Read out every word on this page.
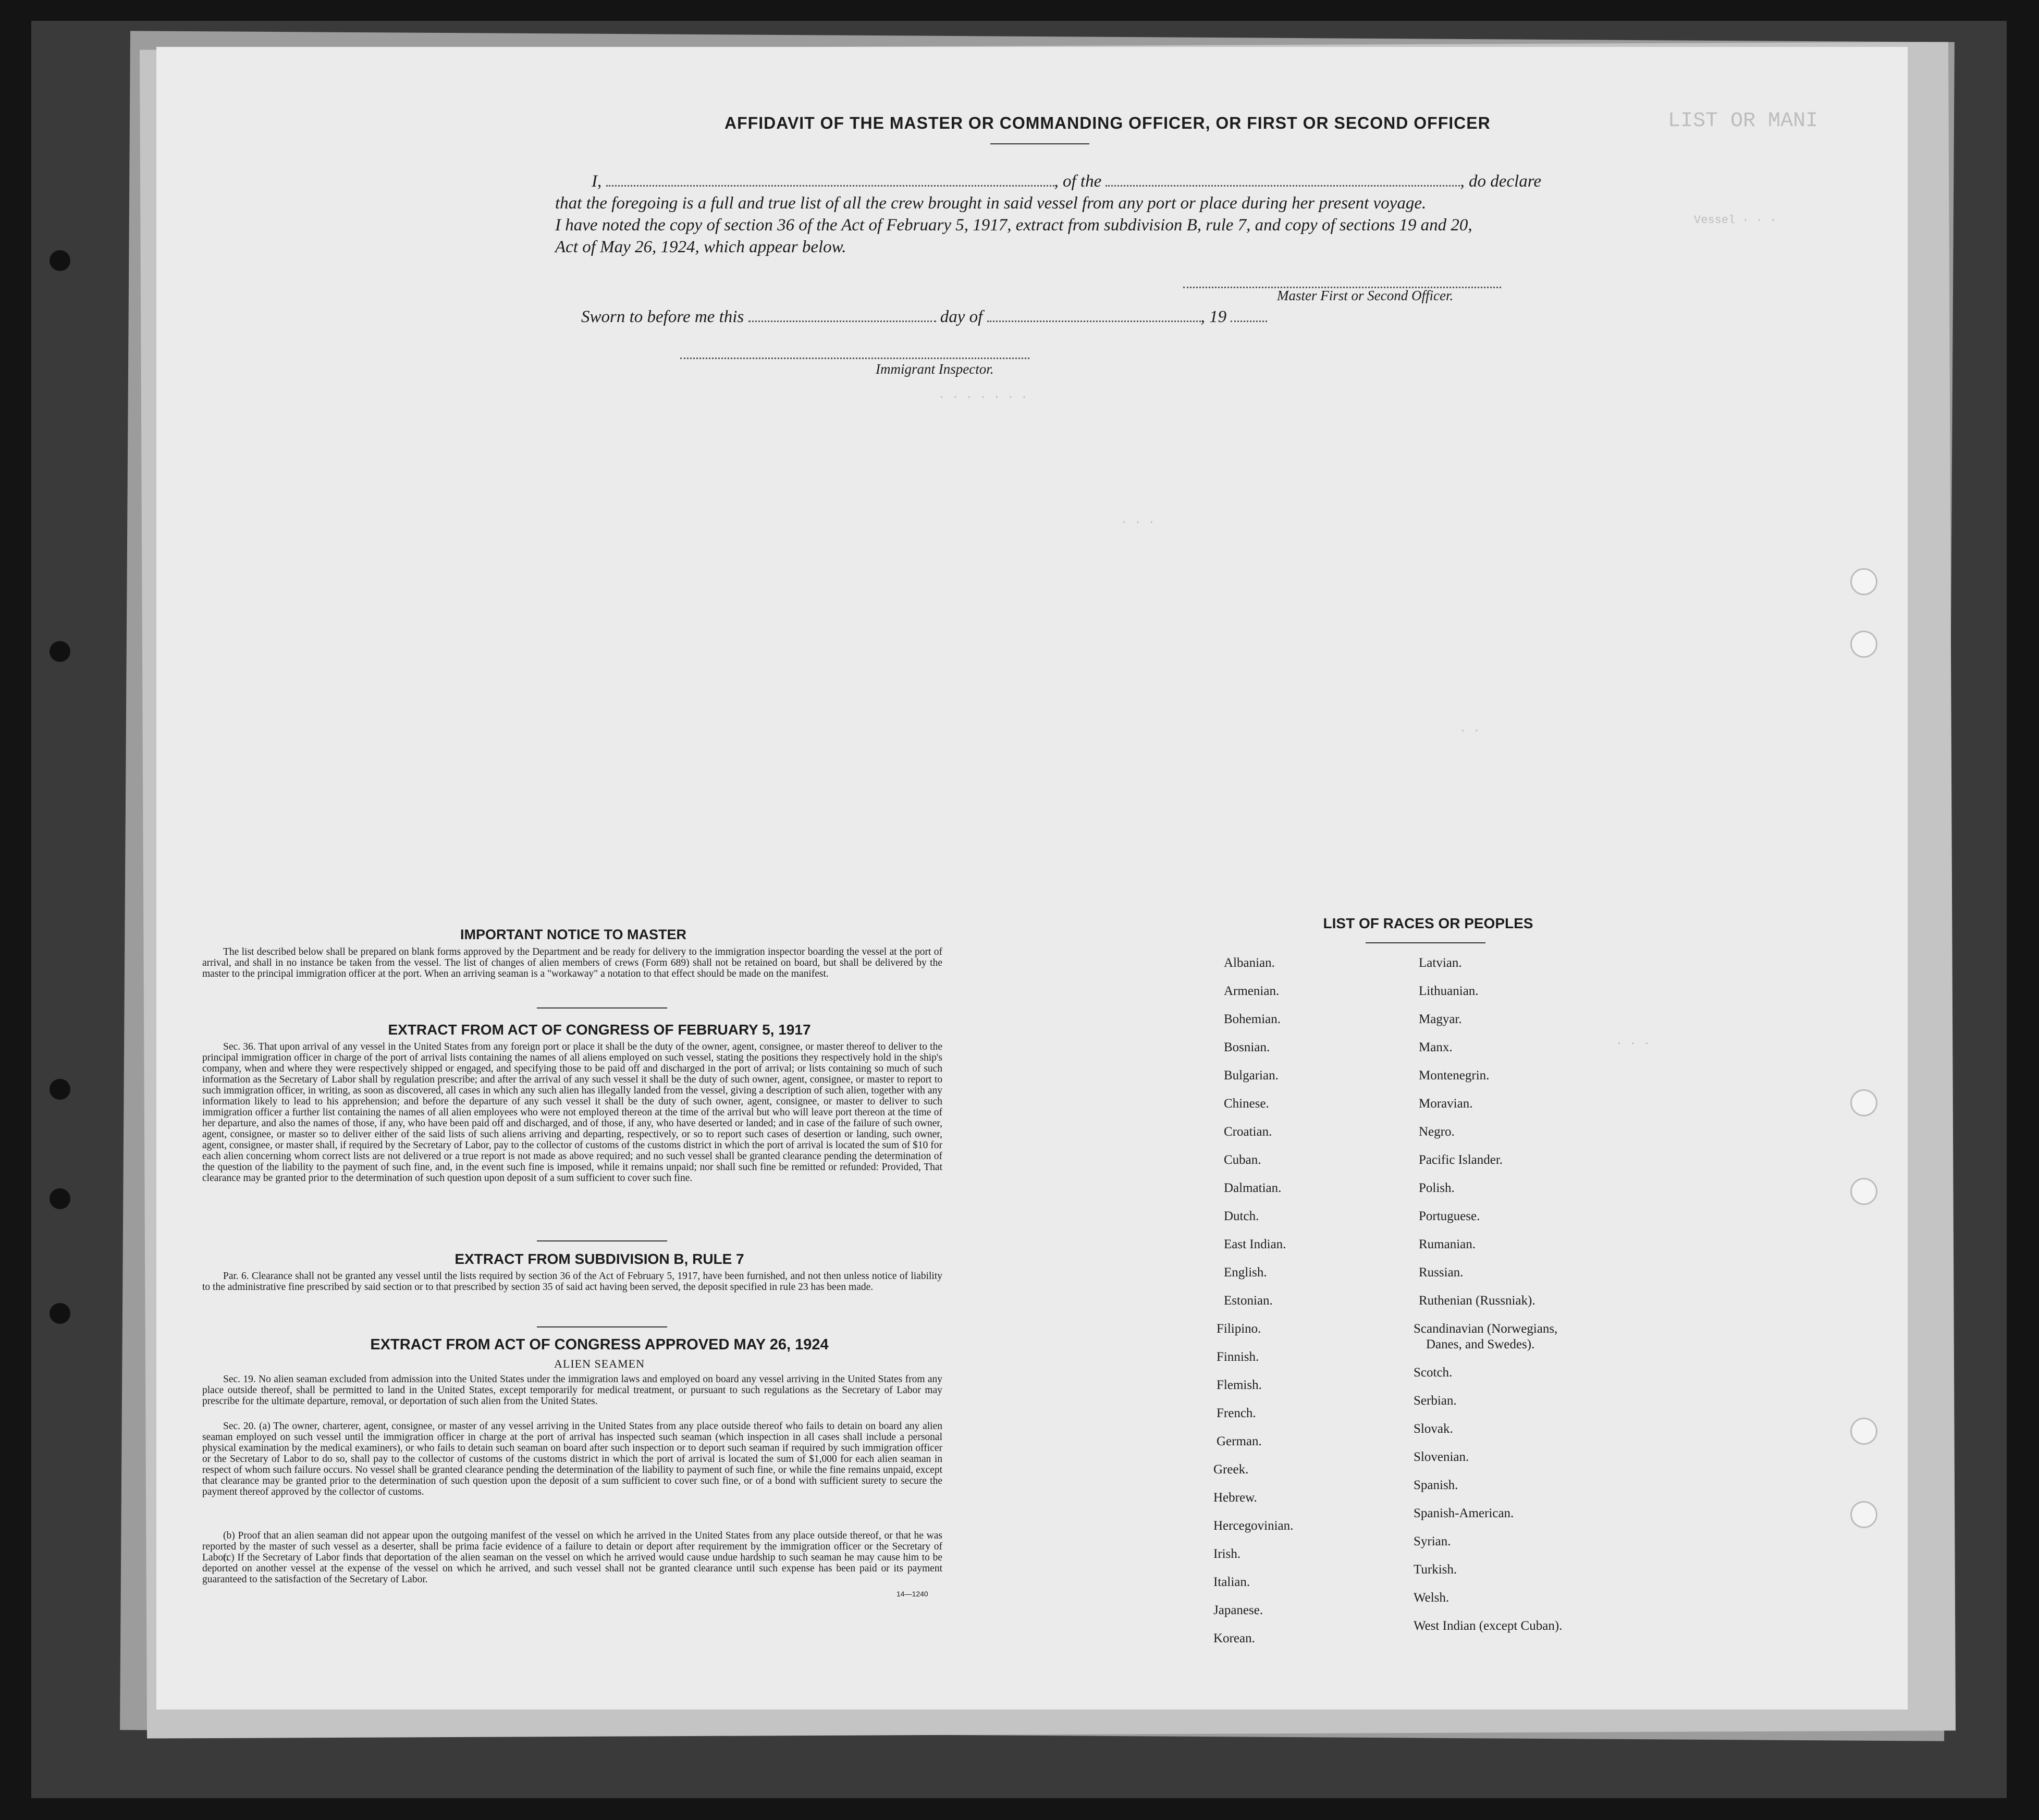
LIST OR MANI
Vessel · · ·
· · · · · · ·
· · ·
· ·
· · ·
AFFIDAVIT OF THE MASTER OR COMMANDING OFFICER, OR FIRST OR SECOND OFFICER
I,	, of the	, do declare
that the foregoing is a full and true list of all the crew brought in said vessel from any port or place during her present voyage.
I have noted the copy of section 36 of the Act of February 5, 1917, extract from subdivision B, rule 7, and copy of sections 19 and 20,
Act of May 26, 1924, which appear below.
Master First or Second Officer.
Sworn to before me this	day of	, 19
Immigrant Inspector.
IMPORTANT NOTICE TO MASTER
The list described below shall be prepared on blank forms approved by the Department and be ready for delivery to the immigration inspector boarding the vessel at the port of arrival, and shall in no instance be taken from the vessel. The list of changes of alien members of crews (Form 689) shall not be retained on board, but shall be delivered by the master to the principal immigration officer at the port. When an arriving seaman is a "workaway" a notation to that effect should be made on the manifest.
EXTRACT FROM ACT OF CONGRESS OF FEBRUARY 5, 1917
Sec. 36. That upon arrival of any vessel in the United States from any foreign port or place it shall be the duty of the owner, agent, consignee, or master thereof to deliver to the principal immigration officer in charge of the port of arrival lists containing the names of all aliens employed on such vessel, stating the positions they respectively hold in the ship's company, when and where they were respectively shipped or engaged, and specifying those to be paid off and discharged in the port of arrival; or lists containing so much of such information as the Secretary of Labor shall by regulation prescribe; and after the arrival of any such vessel it shall be the duty of such owner, agent, consignee, or master to report to such immigration officer, in writing, as soon as discovered, all cases in which any such alien has illegally landed from the vessel, giving a description of such alien, together with any information likely to lead to his apprehension; and before the departure of any such vessel it shall be the duty of such owner, agent, consignee, or master to deliver to such immigration officer a further list containing the names of all alien employees who were not employed thereon at the time of the arrival but who will leave port thereon at the time of her departure, and also the names of those, if any, who have been paid off and discharged, and of those, if any, who have deserted or landed; and in case of the failure of such owner, agent, consignee, or master so to deliver either of the said lists of such aliens arriving and departing, respectively, or so to report such cases of desertion or landing, such owner, agent, consignee, or master shall, if required by the Secretary of Labor, pay to the collector of customs of the customs district in which the port of arrival is located the sum of $10 for each alien concerning whom correct lists are not delivered or a true report is not made as above required; and no such vessel shall be granted clearance pending the determination of the question of the liability to the payment of such fine, and, in the event such fine is imposed, while it remains unpaid; nor shall such fine be remitted or refunded: Provided, That clearance may be granted prior to the determination of such question upon deposit of a sum sufficient to cover such fine.
EXTRACT FROM SUBDIVISION B, RULE 7
Par. 6. Clearance shall not be granted any vessel until the lists required by section 36 of the Act of February 5, 1917, have been furnished, and not then unless notice of liability to the administrative fine prescribed by said section or to that prescribed by section 35 of said act having been served, the deposit specified in rule 23 has been made.
EXTRACT FROM ACT OF CONGRESS APPROVED MAY 26, 1924
ALIEN SEAMEN
Sec. 19. No alien seaman excluded from admission into the United States under the immigration laws and employed on board any vessel arriving in the United States from any place outside thereof, shall be permitted to land in the United States, except temporarily for medical treatment, or pursuant to such regulations as the Secretary of Labor may prescribe for the ultimate departure, removal, or deportation of such alien from the United States.
Sec. 20. (a) The owner, charterer, agent, consignee, or master of any vessel arriving in the United States from any place outside thereof who fails to detain on board any alien seaman employed on such vessel until the immigration officer in charge at the port of arrival has inspected such seaman (which inspection in all cases shall include a personal physical examination by the medical examiners), or who fails to detain such seaman on board after such inspection or to deport such seaman if required by such immigration officer or the Secretary of Labor to do so, shall pay to the collector of customs of the customs district in which the port of arrival is located the sum of $1,000 for each alien seaman in respect of whom such failure occurs. No vessel shall be granted clearance pending the determination of the liability to payment of such fine, or while the fine remains unpaid, except that clearance may be granted prior to the determination of such question upon the deposit of a sum sufficient to cover such fine, or of a bond with sufficient surety to secure the payment thereof approved by the collector of customs.
(b) Proof that an alien seaman did not appear upon the outgoing manifest of the vessel on which he arrived in the United States from any place outside thereof, or that he was reported by the master of such vessel as a deserter, shall be prima facie evidence of a failure to detain or deport after requirement by the immigration officer or the Secretary of Labor.
(c) If the Secretary of Labor finds that deportation of the alien seaman on the vessel on which he arrived would cause undue hardship to such seaman he may cause him to be deported on another vessel at the expense of the vessel on which he arrived, and such vessel shall not be granted clearance until such expense has been paid or its payment guaranteed to the satisfaction of the Secretary of Labor.
14—1240
LIST OF RACES OR PEOPLES
Albanian.
Armenian.
Bohemian.
Bosnian.
Bulgarian.
Chinese.
Croatian.
Cuban.
Dalmatian.
Dutch.
East Indian.
English.
Estonian.
Filipino.
Finnish.
Flemish.
French.
German.
Greek.
Hebrew.
Hercegovinian.
Irish.
Italian.
Japanese.
Korean.
Latvian.
Lithuanian.
Magyar.
Manx.
Montenegrin.
Moravian.
Negro.
Pacific Islander.
Polish.
Portuguese.
Rumanian.
Russian.
Ruthenian (Russniak).
Scandinavian (Norwegians,
Danes, and Swedes).
Scotch.
Serbian.
Slovak.
Slovenian.
Spanish.
Spanish-American.
Syrian.
Turkish.
Welsh.
West Indian (except Cuban).
